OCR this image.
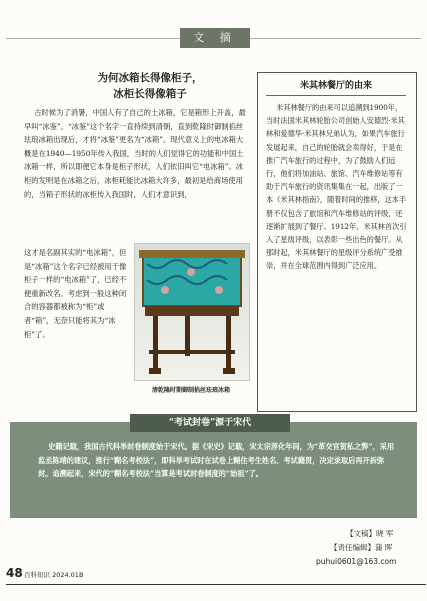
文 摘
为何冰箱长得像柜子，
冰柜长得像箱子

古时候为了消暑，中国人有了自己的土冰箱，它是箱形上开盖，最早叫“冰鉴”。“冰鉴”这个名字一直持续到清朝，直到乾隆时御制掐丝珐琅冰箱出现后，才将“冰鉴”更名为“冰箱”。现代意义上的电冰箱大概是在1940—1950年传入我国，当时的人们觉得它的功能和中国土冰箱一样，所以即便它本身是柜子形状，人们依旧叫它“电冰箱”。冰柜的发明是在冰箱之后，冰柜耗能比冰箱大许多，最初是给商场使用的，当箱子形状的冰柜传入我国时，人们才意识到，

这才是名副其实的“电冰箱”，但是“冰箱”这个名字已经被用于像柜子一样的“电冰箱”了，已经不便重新改名。考虑到一般这种闭合的容器都被称为“柜”或者“箱”，无奈只能将其为“冰柜”了。

清乾隆时期御制掐丝珐琅冰箱
米其林餐厅的由来

米其林餐厅的由来可以追溯到1900年，当时法国米其林轮胎公司创始人安德烈·米其林和爱德华·米其林兄弟认为，如果汽车旅行发展起来，自己的轮胎就会卖得好，于是在推广汽车旅行的过程中，为了鼓励人们远行，他们将加油站、旅馆、汽车维修站等有助于汽车旅行的资讯集集在一起，出版了一本《米其林指南》，随着时间的推移，这本手册不仅包含了旅馆和汽车维修站的评级，还逐渐扩展到了餐厅。1912年，米其林首次引入了星级评级，以表彰一些出色的餐厅。从那时起，米其林餐厅的星级评分系统广受推崇，并在全球范围内得到广泛应用。

“考试封卷”源于宋代

史籍记载，我国古代科举封卷制度始于宋代。据《宋史》记载，宋太宗淳化年间，为“革交官贺私之弊”，采用监丞陈靖的建议，推行“糊名考校法”，即科举考试时在试卷上糊住考生姓名、考试籍贯，决定录取后再开拆弥封。追溯起来，宋代的“糊名考校法”当算是考试封卷制度的“始祖”了。

【文稿】晓 军
【责任编辑】蒲 晖
puhui0601@163.com
48 百科知识 2024.01B
